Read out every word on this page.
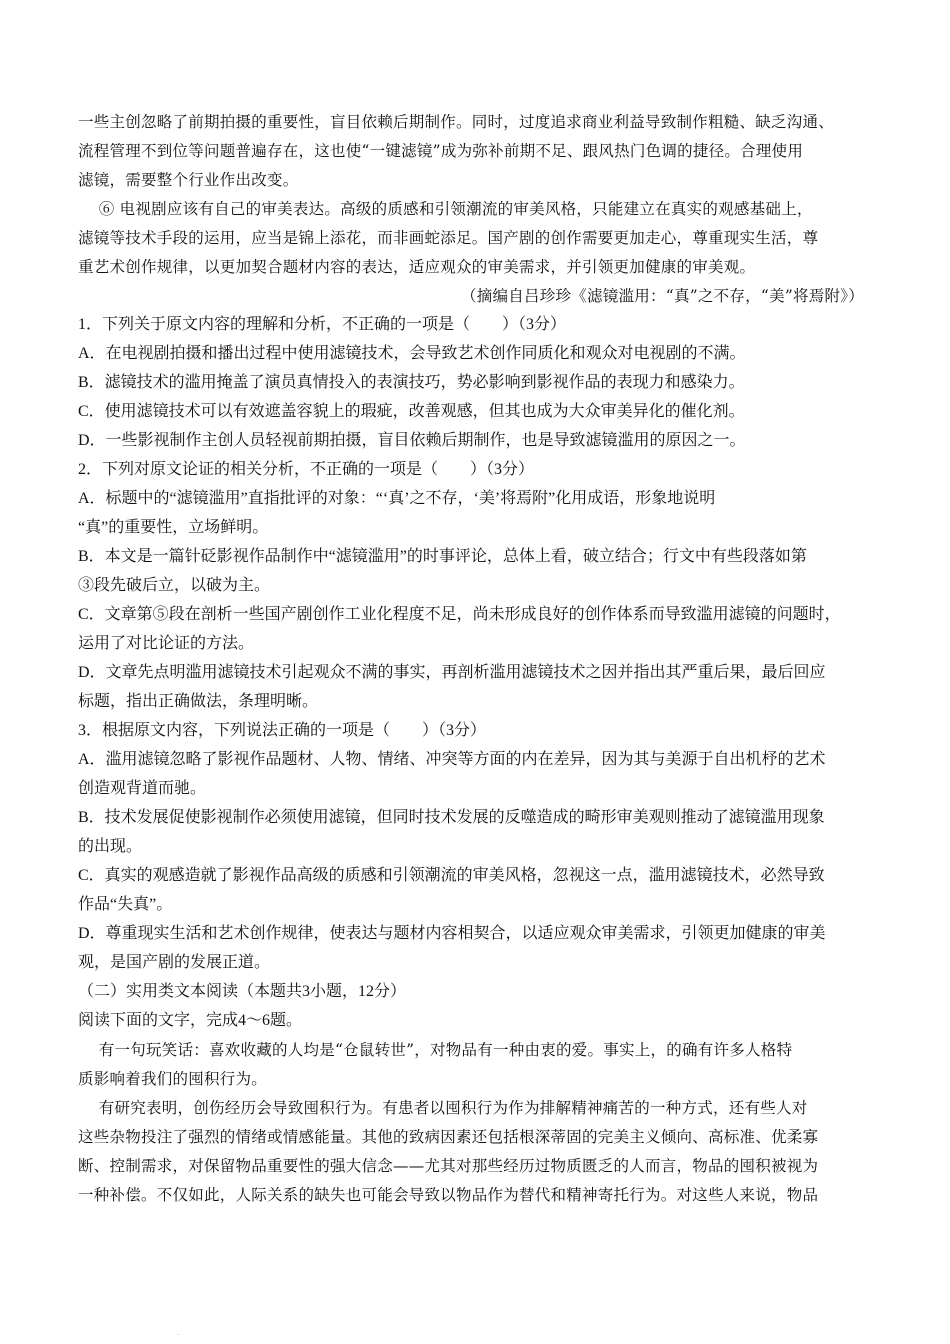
一些主创忽略了前期拍摄的重要性，盲目依赖后期制作。同时，过度追求商业利益导致制作粗糙、缺乏沟通、
流程管理不到位等问题普遍存在，这也使“一键滤镜”成为弥补前期不足、跟风热门色调的捷径。合理使用
滤镜，需要整个行业作出改变。
⑥ 电视剧应该有自己的审美表达。高级的质感和引领潮流的审美风格，只能建立在真实的观感基础上，
滤镜等技术手段的运用，应当是锦上添花，而非画蛇添足。国产剧的创作需要更加走心，尊重现实生活，尊
重艺术创作规律，以更加契合题材内容的表达，适应观众的审美需求，并引领更加健康的审美观。
（摘编自吕珍珍《滤镜滥用：“真”之不存，“美”将焉附》）
1．下列关于原文内容的理解和分析，不正确的一项是（　　）（3分）
A．在电视剧拍摄和播出过程中使用滤镜技术，会导致艺术创作同质化和观众对电视剧的不满。
B．滤镜技术的滥用掩盖了演员真情投入的表演技巧，势必影响到影视作品的表现力和感染力。
C．使用滤镜技术可以有效遮盖容貌上的瑕疵，改善观感，但其也成为大众审美异化的催化剂。
D．一些影视制作主创人员轻视前期拍摄，盲目依赖后期制作，也是导致滤镜滥用的原因之一。
2．下列对原文论证的相关分析，不正确的一项是（　　）（3分）
A．标题中的“滤镜滥用”直指批评的对象：“‘真’之不存，‘美’将焉附”化用成语，形象地说明
“真”的重要性，立场鲜明。
B．本文是一篇针砭影视作品制作中“滤镜滥用”的时事评论，总体上看，破立结合；行文中有些段落如第
③段先破后立，以破为主。
C．文章第⑤段在剖析一些国产剧创作工业化程度不足，尚未形成良好的创作体系而导致滥用滤镜的问题时，
运用了对比论证的方法。
D．文章先点明滥用滤镜技术引起观众不满的事实，再剖析滥用滤镜技术之因并指出其严重后果，最后回应
标题，指出正确做法，条理明晰。
3．根据原文内容，下列说法正确的一项是（　　）（3分）
A．滥用滤镜忽略了影视作品题材、人物、情绪、冲突等方面的内在差异，因为其与美源于自出机杼的艺术
创造观背道而驰。
B．技术发展促使影视制作必须使用滤镜，但同时技术发展的反噬造成的畸形审美观则推动了滤镜滥用现象
的出现。
C．真实的观感造就了影视作品高级的质感和引领潮流的审美风格，忽视这一点，滥用滤镜技术，必然导致
作品“失真”。
D．尊重现实生活和艺术创作规律，使表达与题材内容相契合，以适应观众审美需求，引领更加健康的审美
观，是国产剧的发展正道。
（二）实用类文本阅读（本题共3小题，12分）
阅读下面的文字，完成4～6题。
有一句玩笑话：喜欢收藏的人均是“仓鼠转世”，对物品有一种由衷的爱。事实上，的确有许多人格特
质影响着我们的囤积行为。
有研究表明，创伤经历会导致囤积行为。有患者以囤积行为作为排解精神痛苦的一种方式，还有些人对
这些杂物投注了强烈的情绪或情感能量。其他的致病因素还包括根深蒂固的完美主义倾向、高标准、优柔寡
断、控制需求，对保留物品重要性的强大信念——尤其对那些经历过物质匮乏的人而言，物品的囤积被视为
一种补偿。不仅如此，人际关系的缺失也可能会导致以物品作为替代和精神寄托行为。对这些人来说，物品
.
